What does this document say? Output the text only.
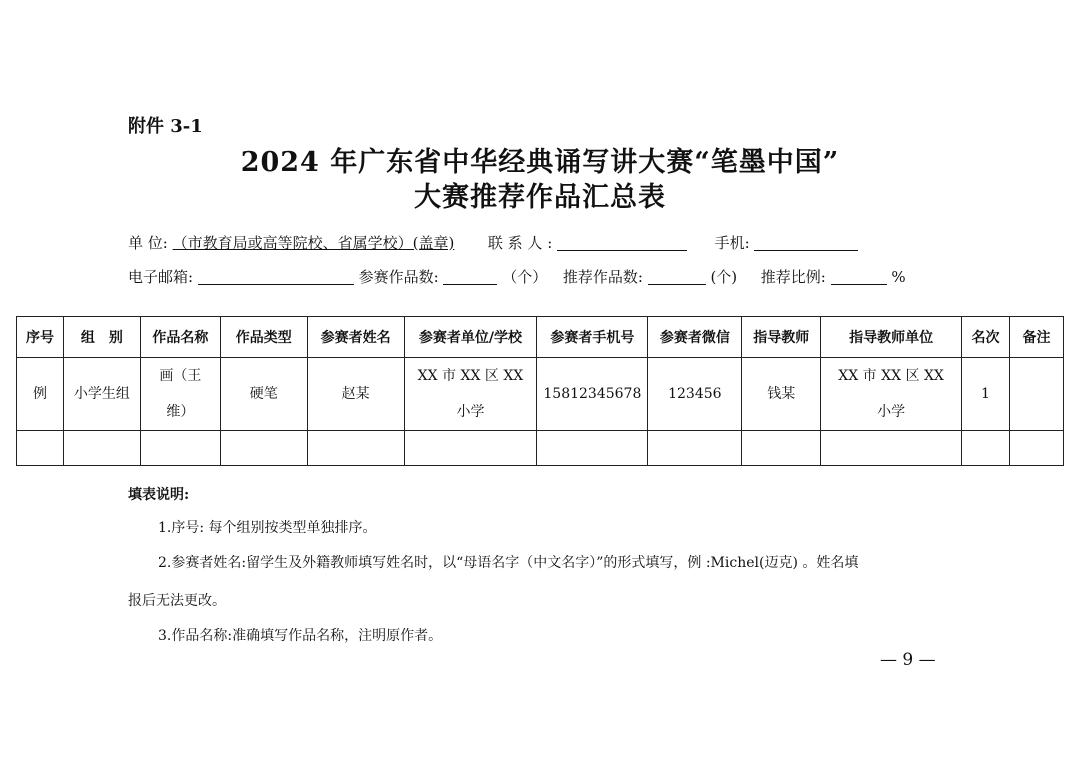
附件 3-1
2024 年广东省中华经典诵写讲大赛“笔墨中国”
大赛推荐作品汇总表
单 位: （市教育局或高等院校、省属学校）(盖章) 联 系 人 :	手机:
电子邮箱:	参赛作品数:	（个） 推荐作品数:	(个) 推荐比例:	%
序号	组　别	作品名称	作品类型	参赛者姓名	参赛者单位/学校	参赛者手机号	参赛者微信	指导教师	指导教师单位	名次	备注
例	小学生组	画（王维）	硬笔	赵某	XX 市 XX 区 XX 小学	15812345678	123456	钱某	XX 市 XX 区 XX 小学	1	

填表说明:
1.序号: 每个组别按类型单独排序。
2.参赛者姓名:留学生及外籍教师填写姓名时，以“母语名字（中文名字）”的形式填写，例 :Michel(迈克) 。姓名填
报后无法更改。
3.作品名称:准确填写作品名称，注明原作者。
— 9 —
